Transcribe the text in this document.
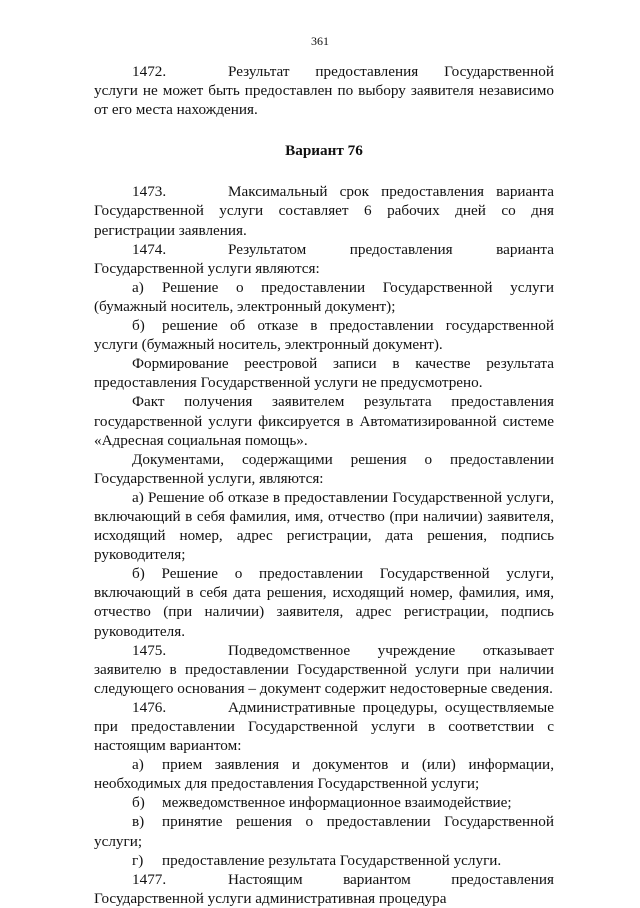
361

1472.	Результат предоставления Государственной услуги не может быть предоставлен по выбору заявителя независимо от его места нахождения.

Вариант 76

1473.	Максимальный срок предоставления варианта Государственной услуги составляет 6 рабочих дней со дня регистрации заявления.

1474.	Результатом предоставления варианта Государственной услуги являются:

а) Решение о предоставлении Государственной услуги (бумажный носитель, электронный документ);

б) решение об отказе в предоставлении государственной услуги (бумажный носитель, электронный документ).

Формирование реестровой записи в качестве результата предоставления Государственной услуги не предусмотрено.

Факт получения заявителем результата предоставления государственной услуги фиксируется в Автоматизированной системе «Адресная социальная помощь».

Документами, содержащими решения о предоставлении Государственной услуги, являются:

а) Решение об отказе в предоставлении Государственной услуги, включающий в себя фамилия, имя, отчество (при наличии) заявителя, исходящий номер, адрес регистрации, дата решения, подпись руководителя;

б) Решение о предоставлении Государственной услуги, включающий в себя дата решения, исходящий номер, фамилия, имя, отчество (при наличии) заявителя, адрес регистрации, подпись руководителя.

1475.	Подведомственное учреждение отказывает заявителю в предоставлении Государственной услуги при наличии следующего основания – документ содержит недостоверные сведения.

1476.	Административные процедуры, осуществляемые при предоставлении Государственной услуги в соответствии с настоящим вариантом:

а) прием заявления и документов и (или) информации, необходимых для предоставления Государственной услуги;

б) межведомственное информационное взаимодействие;

в) принятие решения о предоставлении Государственной услуги;

г) предоставление результата Государственной услуги.

1477.	Настоящим вариантом предоставления Государственной услуги административная процедура
